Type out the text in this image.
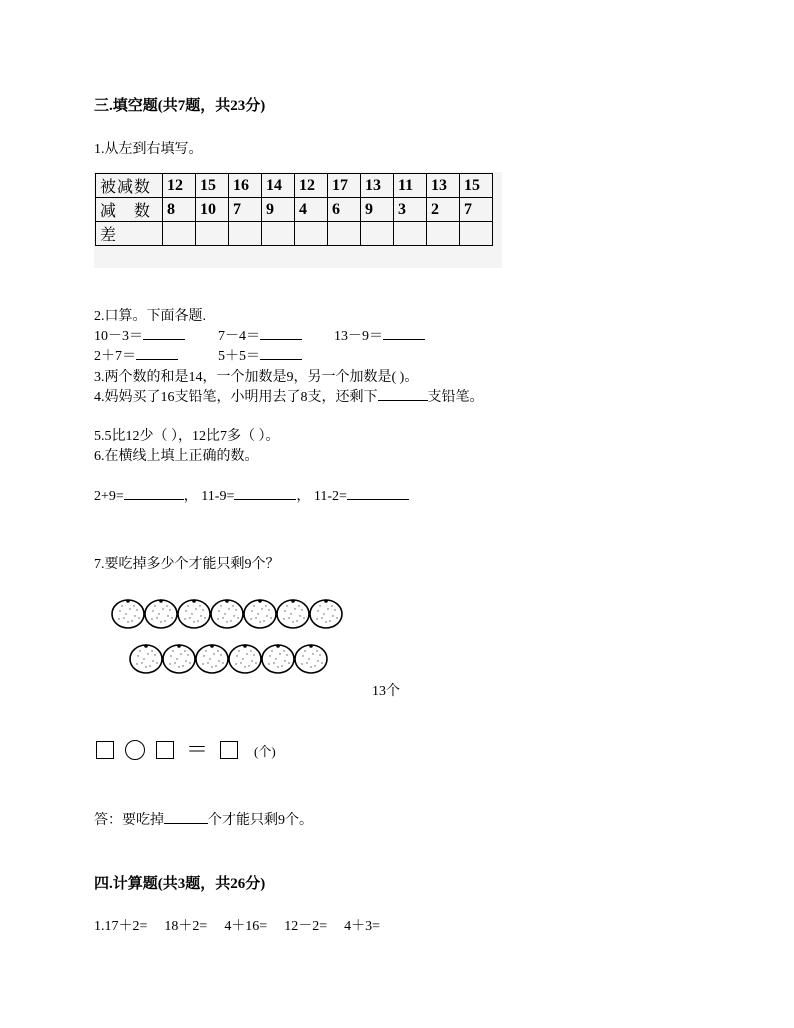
三.填空题(共7题，共23分)
1.从左到右填写。
被减数	12	15	16	14	12	17	13	11	13	15
减　数	8	10	7	9	4	6	9	3	2	7
差										
2.口算。下面各题.
10－3＝	7－4＝	13－9＝
2＋7＝	5＋5＝
3.两个数的和是14，一个加数是9，另一个加数是( )。
4.妈妈买了16支铅笔，小明用去了8支，还剩下	支铅笔。
5.5比12少（ ），12比7多（ ）。
6.在横线上填上正确的数。
2+9=	， 11-9=	， 11-2=
7.要吃掉多少个才能只剩9个？
13个
＝	(个)
答：要吃掉	个才能只剩9个。
四.计算题(共3题，共26分)
1.17＋2= 18＋2= 4＋16= 12－2= 4＋3=
